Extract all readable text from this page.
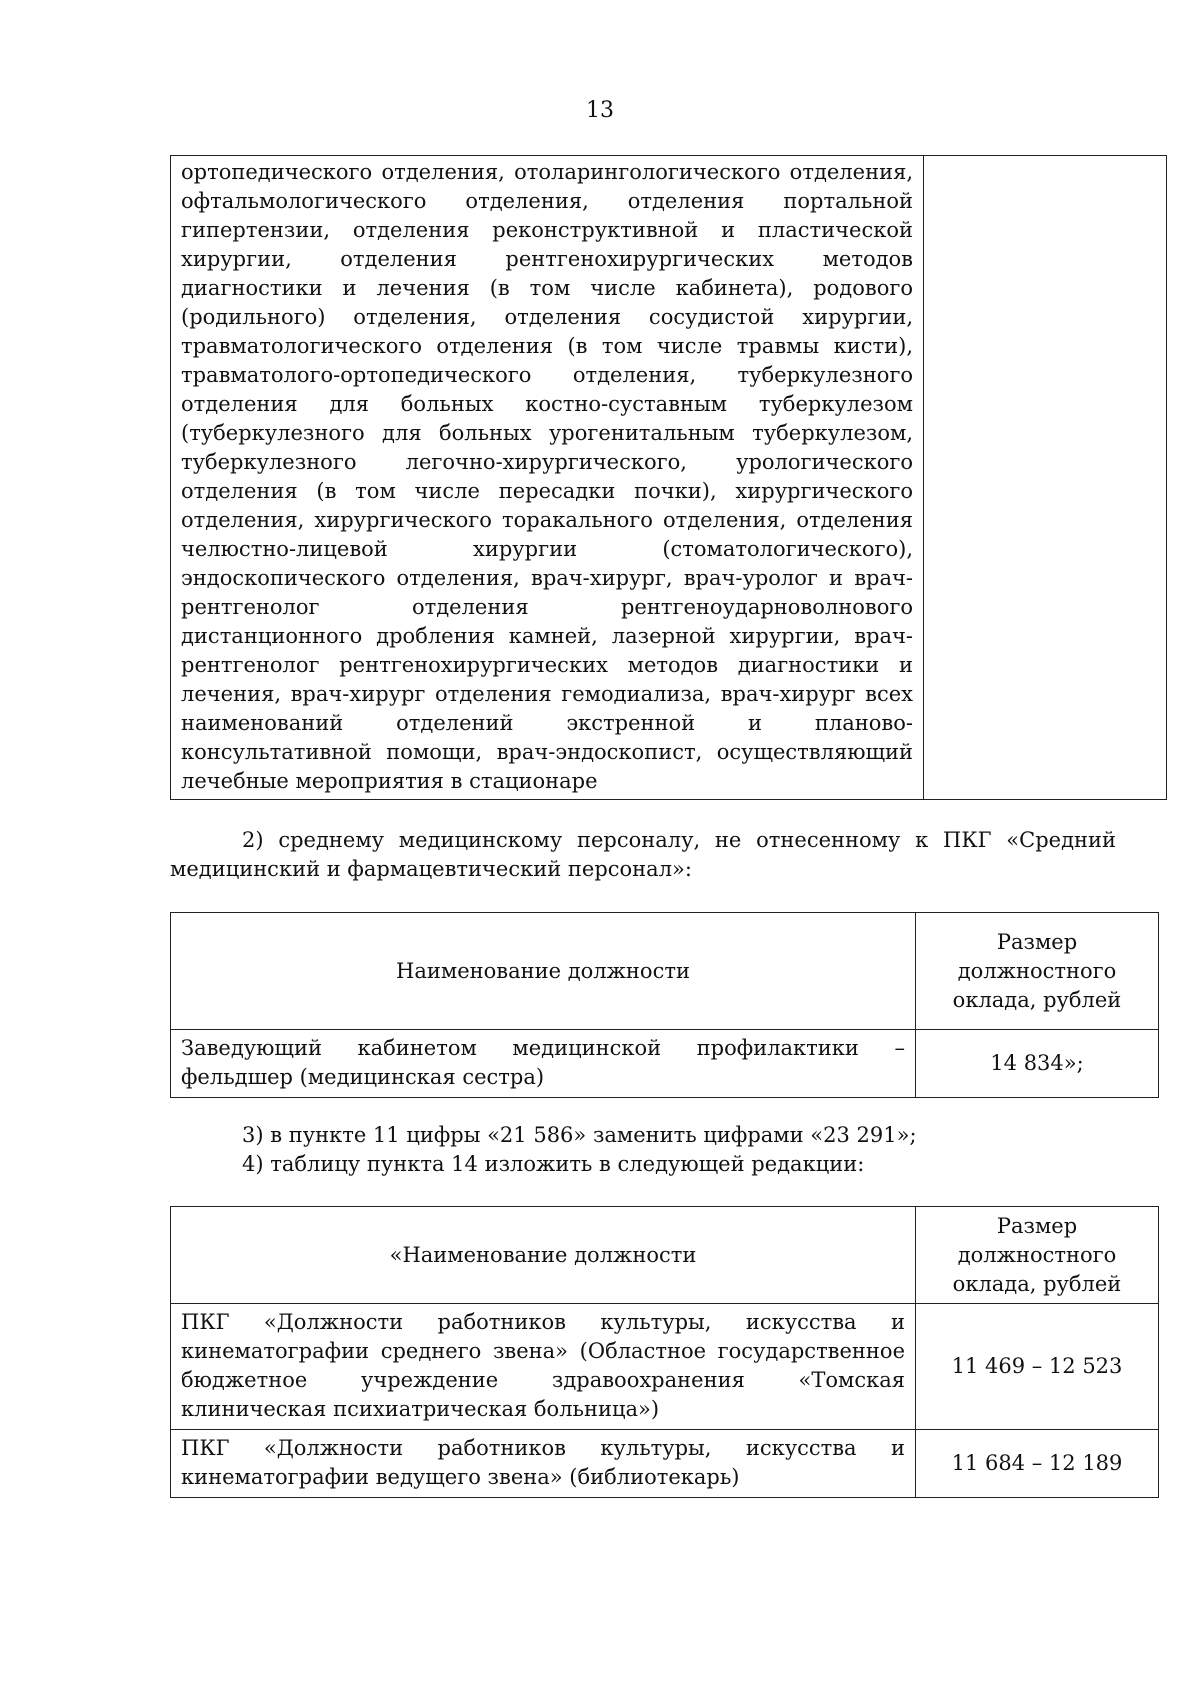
13
ортопедического отделения, отоларингологического отделения, офтальмологического отделения, отделения портальной гипертензии, отделения реконструктивной и пластической хирургии, отделения рентгенохирургических методов диагностики и лечения (в том числе кабинета), родового (родильного) отделения, отделения сосудистой хирургии, травматологического отделения (в том числе травмы кисти), травматолого-ортопедического отделения, туберкулезного отделения для больных костно-суставным туберкулезом (туберкулезного для больных урогенитальным туберкулезом, туберкулезного легочно-хирургического, урологического отделения (в том числе пересадки почки), хирургического отделения, хирургического торакального отделения, отделения челюстно-лицевой хирургии (стоматологического), эндоскопического отделения, врач-хирург, врач-уролог и врач-рентгенолог отделения рентгеноударноволнового дистанционного дробления камней, лазерной хирургии, врач-рентгенолог рентгенохирургических методов диагностики и лечения, врач-хирург отделения гемодиализа, врач-хирург всех наименований отделений экстренной и планово-консультативной помощи, врач-эндоскопист, осуществляющий лечебные мероприятия в стационаре	
2) среднему медицинскому персоналу, не отнесенному к ПКГ «Средний медицинский и фармацевтический персонал»:
Наименование должности	Размер должностного оклада, рублей
Заведующий кабинетом медицинской профилактики – фельдшер (медицинская сестра)	14 834»;
3) в пункте 11 цифры «21 586» заменить цифрами «23 291»;
4) таблицу пункта 14 изложить в следующей редакции:
«Наименование должности	Размер должностного оклада, рублей
ПКГ «Должности работников культуры, искусства и кинематографии среднего звена» (Областное государственное бюджетное учреждение здравоохранения «Томская клиническая психиатрическая больница»)	11 469 – 12 523
ПКГ «Должности работников культуры, искусства и кинематографии ведущего звена» (библиотекарь)	11 684 – 12 189
